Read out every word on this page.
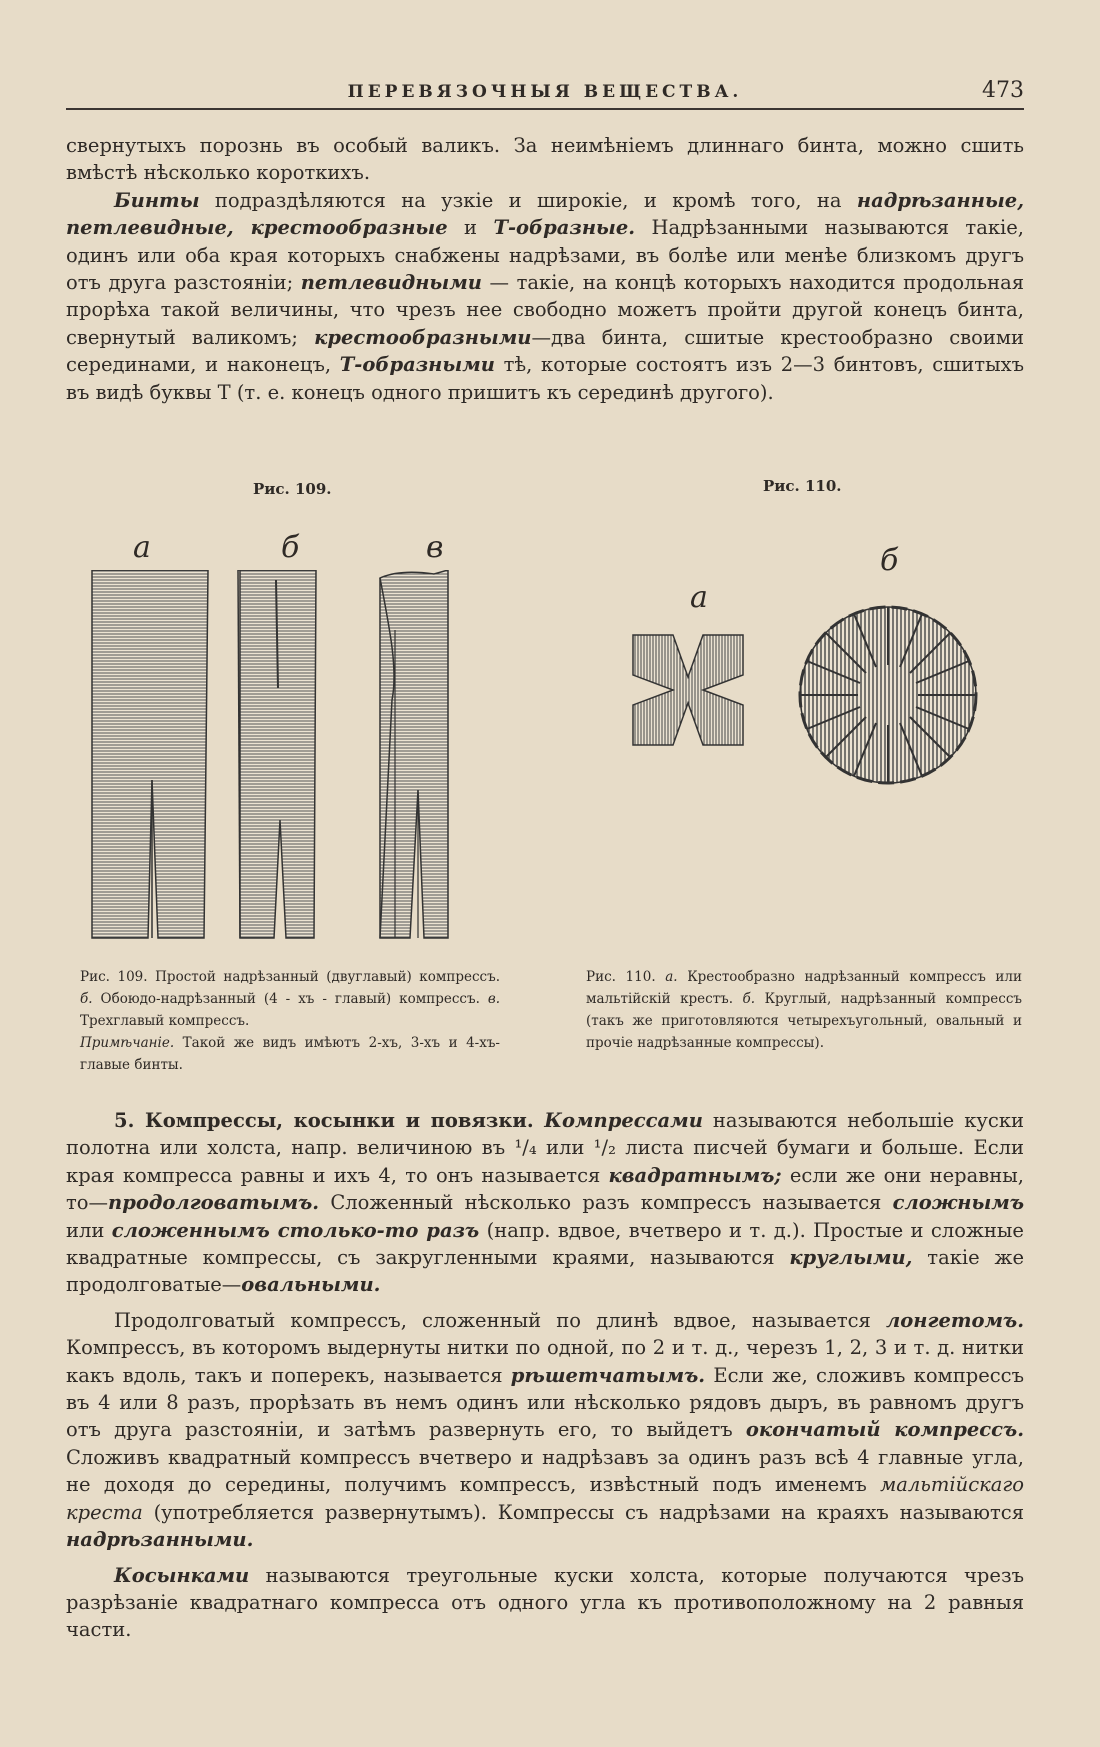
ПЕРЕВЯЗОЧНЫЯ ВЕЩЕСТВА.	473

свернутыхъ порознь въ особый валикъ. За неимѣніемъ длиннаго бинта, можно сшить вмѣстѣ нѣсколько короткихъ.

Бинты подраздѣляются на узкіе и широкіе, и кромѣ того, на надрѣзанные, петлевидные, крестообразные и Т-образные. Надрѣзанными называются такіе, одинъ или оба края которыхъ снабжены надрѣзами, въ болѣе или менѣе близкомъ другъ отъ друга разстояніи; петлевидными — такіе, на концѣ которыхъ находится продольная прорѣха такой величины, что чрезъ нее свободно можетъ пройти другой конецъ бинта, свернутый валикомъ; крестообразными—два бинта, сшитые крестообразно своими серединами, и наконецъ, Т-образными тѣ, которые состоятъ изъ 2—3 бинтовъ, сшитыхъ въ видѣ буквы Т (т. е. конецъ одного пришитъ къ серединѣ другого).

Рис. 109.	Рис. 110.
а	б	в
а
б
Рис. 109. Простой надрѣзанный (двуглавый) компрессъ. б. Обоюдо-надрѣзанный (4 - хъ - главый) компрессъ. в. Трехглавый компрессъ.
Примѣчаніе. Такой же видъ имѣютъ 2-хъ, 3-хъ и 4-хъ-главые бинты.
Рис. 110. а. Крестообразно надрѣзанный компрессъ или мальтійскій крестъ. б. Круглый, надрѣзанный компрессъ (такъ же приготовляются четырехъугольный, овальный и прочіе надрѣзанные компрессы).

5. Компрессы, косынки и повязки. Компрессами называются небольшіе куски полотна или холста, напр. величиною въ ¹/₄ или ¹/₂ листа писчей бумаги и больше. Если края компресса равны и ихъ 4, то онъ называется квадратнымъ; если же они неравны, то—продолговатымъ. Сложенный нѣсколько разъ компрессъ называется сложнымъ или сложеннымъ столько-то разъ (напр. вдвое, вчетверо и т. д.). Простые и сложные квадратные компрессы, съ закругленными краями, называются круглыми, такіе же продолговатые—овальными.

Продолговатый компрессъ, сложенный по длинѣ вдвое, называется лонгетомъ. Компрессъ, въ которомъ выдернуты нитки по одной, по 2 и т. д., черезъ 1, 2, 3 и т. д. нитки какъ вдоль, такъ и поперекъ, называется рѣшетчатымъ. Если же, сложивъ компрессъ въ 4 или 8 разъ, прорѣзать въ немъ одинъ или нѣсколько рядовъ дыръ, въ равномъ другъ отъ друга разстояніи, и затѣмъ развернуть его, то выйдетъ окончатый компрессъ. Сложивъ квадратный компрессъ вчетверо и надрѣзавъ за одинъ разъ всѣ 4 главные угла, не доходя до середины, получимъ компрессъ, извѣстный подъ именемъ мальтійскаго креста (употребляется развернутымъ). Компрессы съ надрѣзами на краяхъ называются надрѣзанными.

Косынками называются треугольные куски холста, которые получаются чрезъ разрѣзаніе квадратнаго компресса отъ одного угла къ противоположному на 2 равныя части.
